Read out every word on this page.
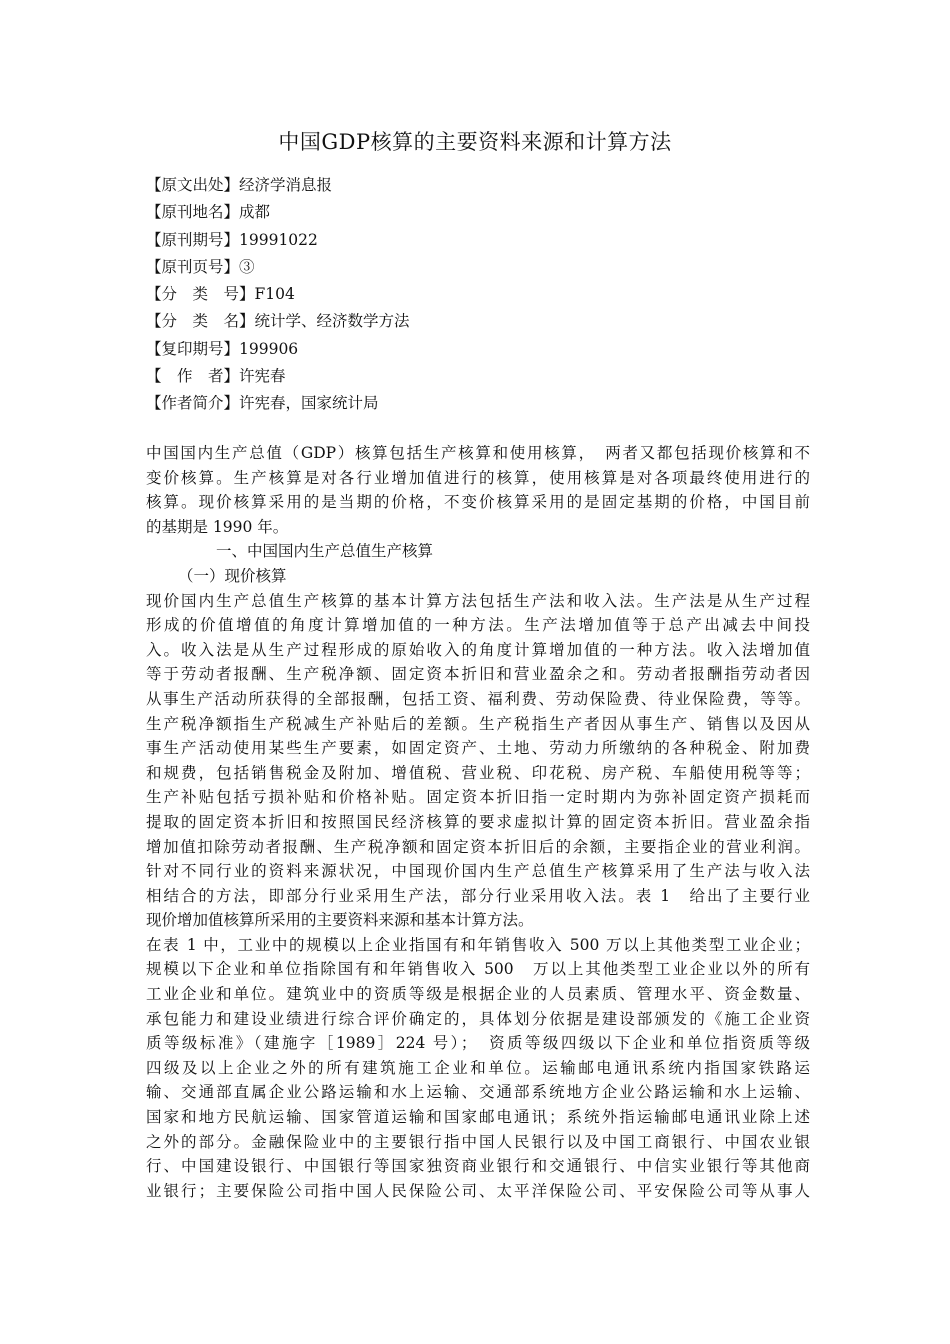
中国GDP核算的主要资料来源和计算方法
【原文出处】经济学消息报
【原刊地名】成都
【原刊期号】19991022
【原刊页号】③
【分　类　号】F104
【分　类　名】统计学、经济数学方法
【复印期号】199906
【　作　者】许宪春
【作者简介】许宪春，国家统计局
中国国内生产总值（GDP）核算包括生产核算和使用核算，　两者又都包括现价核算和不
变价核算。生产核算是对各行业增加值进行的核算，使用核算是对各项最终使用进行的
核算。现价核算采用的是当期的价格，不变价核算采用的是固定基期的价格，中国目前
的基期是 1990 年。
一、中国国内生产总值生产核算
（一）现价核算
现价国内生产总值生产核算的基本计算方法包括生产法和收入法。生产法是从生产过程
形成的价值增值的角度计算增加值的一种方法。生产法增加值等于总产出减去中间投
入。收入法是从生产过程形成的原始收入的角度计算增加值的一种方法。收入法增加值
等于劳动者报酬、生产税净额、固定资本折旧和营业盈余之和。劳动者报酬指劳动者因
从事生产活动所获得的全部报酬，包括工资、福利费、劳动保险费、待业保险费，等等。
生产税净额指生产税减生产补贴后的差额。生产税指生产者因从事生产、销售以及因从
事生产活动使用某些生产要素，如固定资产、土地、劳动力所缴纳的各种税金、附加费
和规费，包括销售税金及附加、增值税、营业税、印花税、房产税、车船使用税等等；
生产补贴包括亏损补贴和价格补贴。固定资本折旧指一定时期内为弥补固定资产损耗而
提取的固定资本折旧和按照国民经济核算的要求虚拟计算的固定资本折旧。营业盈余指
增加值扣除劳动者报酬、生产税净额和固定资本折旧后的余额，主要指企业的营业利润。
针对不同行业的资料来源状况，中国现价国内生产总值生产核算采用了生产法与收入法
相结合的方法，即部分行业采用生产法，部分行业采用收入法。表 1　给出了主要行业
现价增加值核算所采用的主要资料来源和基本计算方法。
在表 1 中，工业中的规模以上企业指国有和年销售收入 500 万以上其他类型工业企业；
规模以下企业和单位指除国有和年销售收入 500　万以上其他类型工业企业以外的所有
工业企业和单位。建筑业中的资质等级是根据企业的人员素质、管理水平、资金数量、
承包能力和建设业绩进行综合评价确定的，具体划分依据是建设部颁发的《施工企业资
质等级标准》（建施字［1989］224 号）；　资质等级四级以下企业和单位指资质等级
四级及以上企业之外的所有建筑施工企业和单位。运输邮电通讯系统内指国家铁路运
输、交通部直属企业公路运输和水上运输、交通部系统地方企业公路运输和水上运输、
国家和地方民航运输、国家管道运输和国家邮电通讯；系统外指运输邮电通讯业除上述
之外的部分。金融保险业中的主要银行指中国人民银行以及中国工商银行、中国农业银
行、中国建设银行、中国银行等国家独资商业银行和交通银行、中信实业银行等其他商
业银行；主要保险公司指中国人民保险公司、太平洋保险公司、平安保险公司等从事人
